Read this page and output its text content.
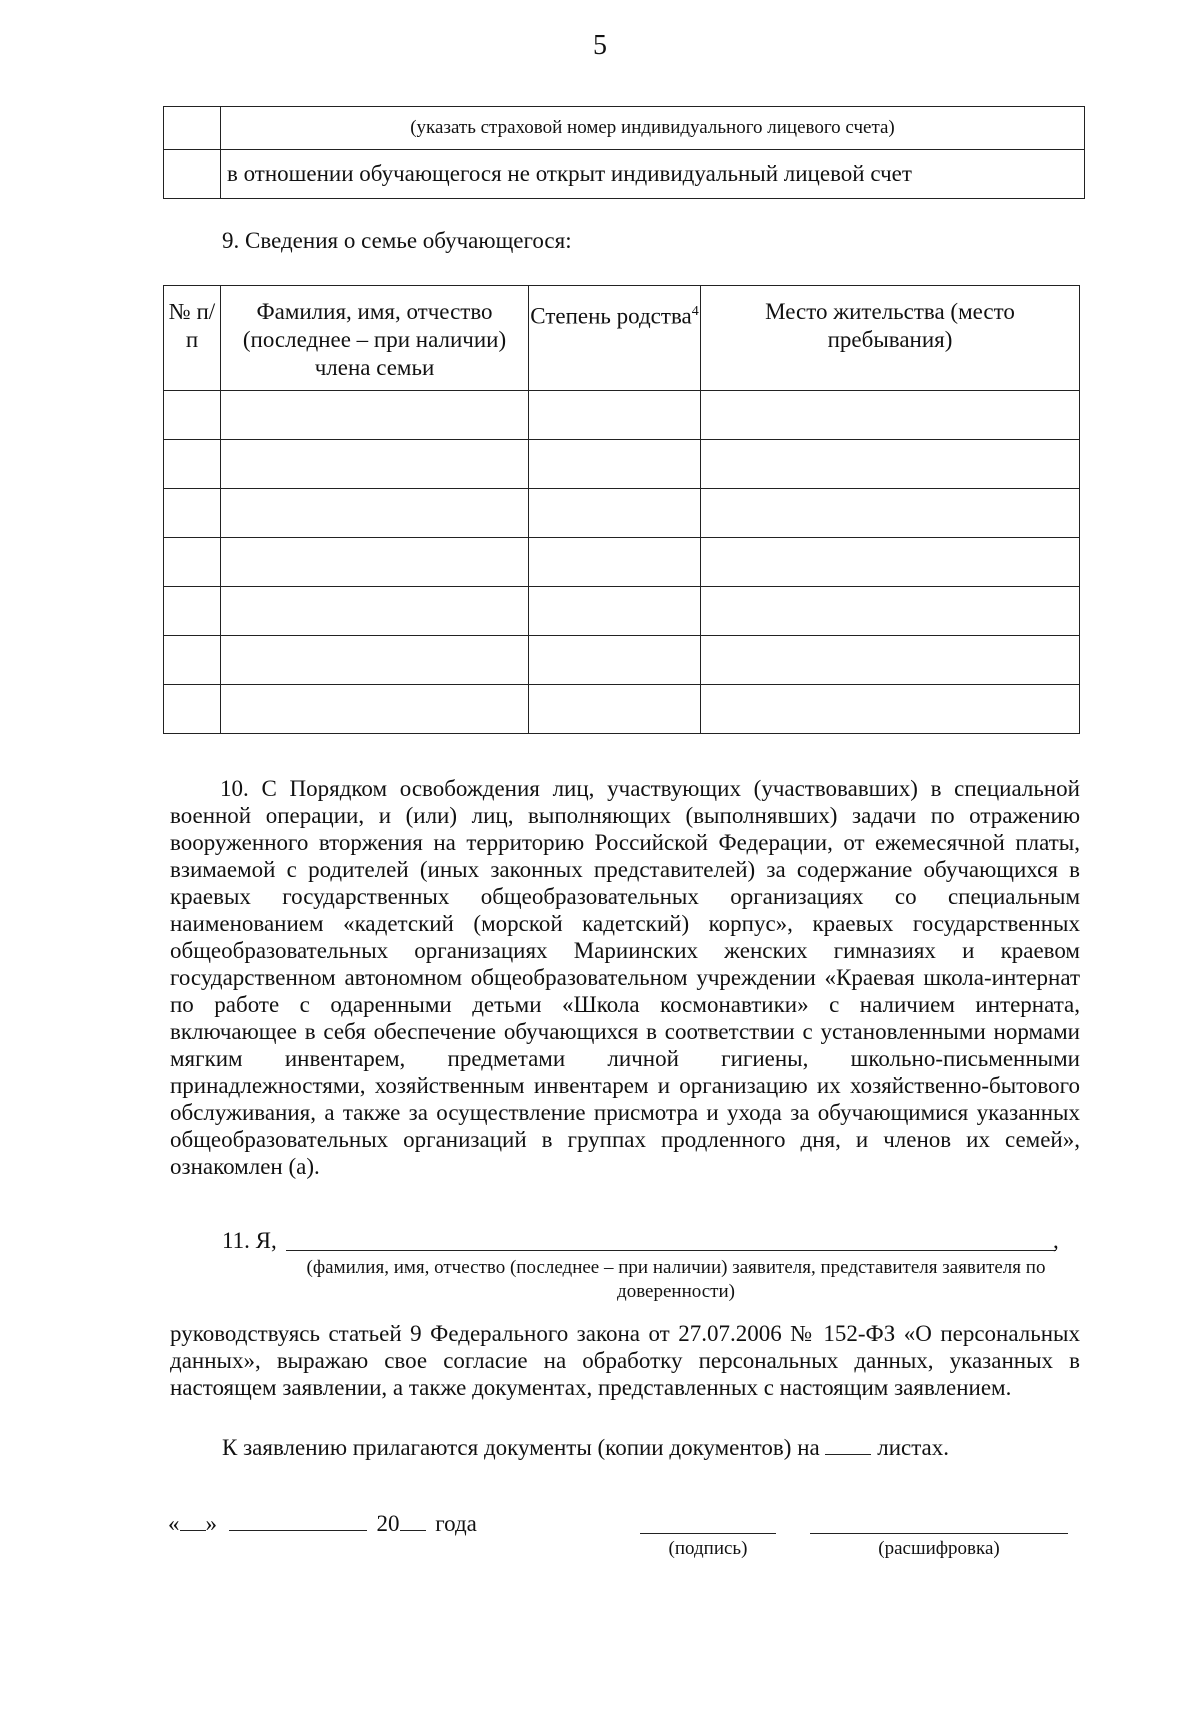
5
	(указать страховой номер индивидуального лицевого счета)
	в отношении обучающегося не открыт индивидуальный лицевой счет
9. Сведения о семье обучающегося:
№ п/п	Фамилия, имя, отчество (последнее – при наличии) члена семьи	Степень родства$^4$	Место жительства (место пребывания)

10. С Порядком освобождения лиц, участвующих (участвовавших) в специальной военной операции, и (или) лиц, выполняющих (выполнявших) задачи по отражению вооруженного вторжения на территорию Российской Федерации, от ежемесячной платы, взимаемой с родителей (иных законных представителей) за содержание обучающихся в краевых государственных общеобразовательных организациях со специальным наименованием «кадетский (морской кадетский) корпус», краевых государственных общеобразовательных организациях Мариинских женских гимназиях и краевом государственном автономном общеобразовательном учреждении «Краевая школа-интернат по работе с одаренными детьми «Школа космонавтики» с наличием интерната, включающее в себя обеспечение обучающихся в соответствии с установленными нормами мягким инвентарем, предметами личной гигиены, школьно-письменными принадлежностями, хозяйственным инвентарем и организацию их хозяйственно-бытового обслуживания, а также за осуществление присмотра и ухода за обучающимися указанных общеобразовательных организаций в группах продленного дня, и членов их семей», ознакомлен (а).
11. Я,	,
(фамилия, имя, отчество (последнее – при наличии) заявителя, представителя заявителя по доверенности)
руководствуясь статьей 9 Федерального закона от 27.07.2006 № 152-ФЗ «О персональных данных», выражаю свое согласие на обработку персональных данных, указанных в настоящем заявлении, а также документах, представленных с настоящим заявлением.
К заявлению прилагаются документы (копии документов) на	листах.
« »	20 года
(подпись)	(расшифровка)
